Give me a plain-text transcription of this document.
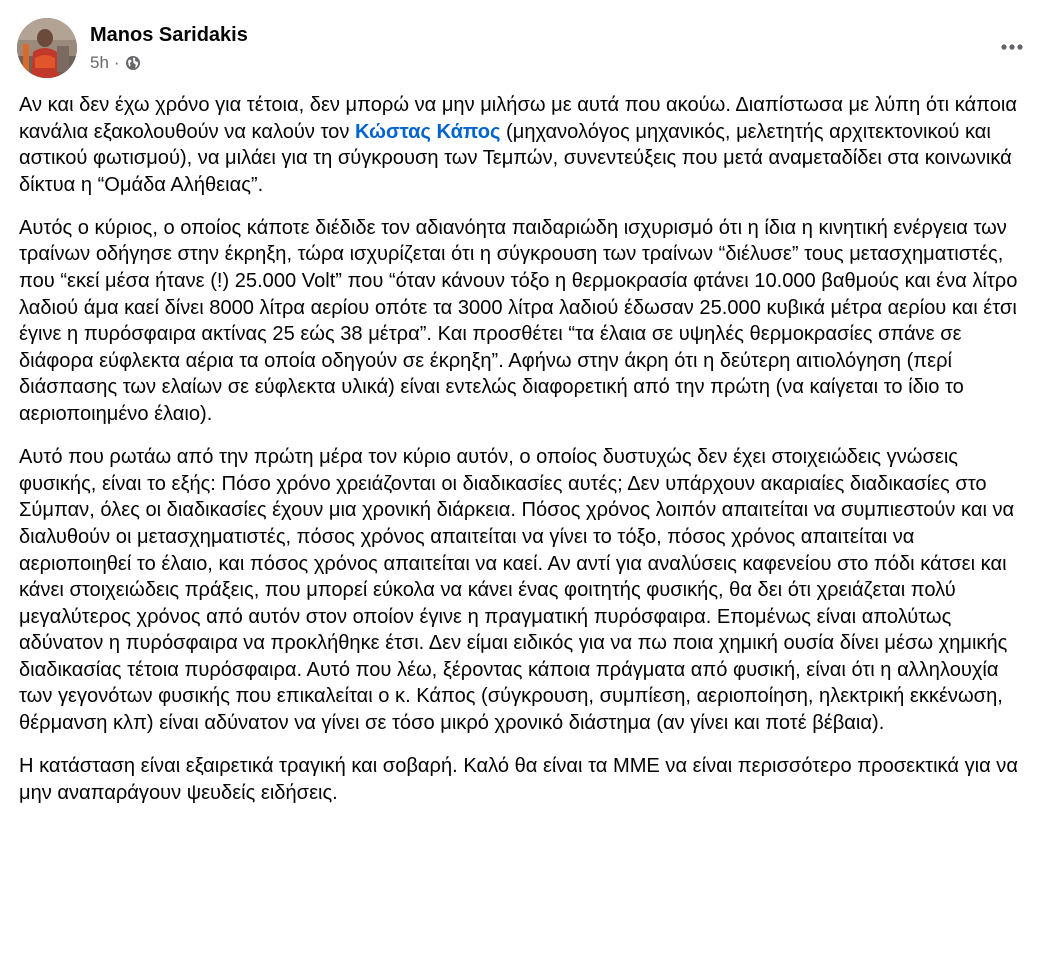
Manos Saridakis
5h ·

Αν και δεν έχω χρόνο για τέτοια, δεν μπορώ να μην μιλήσω με αυτά που ακούω. Διαπίστωσα με λύπη ότι κάποια κανάλια εξακολουθούν να καλούν τον Κώστας Κάπος (μηχανολόγος μηχανικός, μελετητής αρχιτεκτονικού και αστικού φωτισμού), να μιλάει για τη σύγκρουση των Τεμπών, συνεντεύξεις που μετά αναμεταδίδει στα κοινωνικά δίκτυα η “Ομάδα Αλήθειας”.

Αυτός ο κύριος, ο οποίος κάποτε διέδιδε τον αδιανόητα παιδαριώδη ισχυρισμό ότι η ίδια η κινητική ενέργεια των τραίνων οδήγησε στην έκρηξη, τώρα ισχυρίζεται ότι η σύγκρουση των τραίνων “διέλυσε” τους μετασχηματιστές, που “εκεί μέσα ήτανε (!) 25.000 Volt” που “όταν κάνουν τόξο η θερμοκρασία φτάνει 10.000 βαθμούς και ένα λίτρο λαδιού άμα καεί δίνει 8000 λίτρα αερίου οπότε τα 3000 λίτρα λαδιού έδωσαν 25.000 κυβικά μέτρα αερίου και έτσι έγινε η πυρόσφαιρα ακτίνας 25 εώς 38 μέτρα”. Και προσθέτει “τα έλαια σε υψηλές θερμοκρασίες σπάνε σε διάφορα εύφλεκτα αέρια τα οποία οδηγούν σε έκρηξη”. Αφήνω στην άκρη ότι η δεύτερη αιτιολόγηση (περί διάσπασης των ελαίων σε εύφλεκτα υλικά) είναι εντελώς διαφορετική από την πρώτη (να καίγεται το ίδιο το αεριοποιημένο έλαιο).

Αυτό που ρωτάω από την πρώτη μέρα τον κύριο αυτόν, ο οποίος δυστυχώς δεν έχει στοιχειώδεις γνώσεις φυσικής, είναι το εξής: Πόσο χρόνο χρειάζονται οι διαδικασίες αυτές; Δεν υπάρχουν ακαριαίες διαδικασίες στο Σύμπαν, όλες οι διαδικασίες έχουν μια χρονική διάρκεια. Πόσος χρόνος λοιπόν απαιτείται να συμπιεστούν και να διαλυθούν οι μετασχηματιστές, πόσος χρόνος απαιτείται να γίνει το τόξο, πόσος χρόνος απαιτείται να αεριοποιηθεί το έλαιο, και πόσος χρόνος απαιτείται να καεί. Αν αντί για αναλύσεις καφενείου στο πόδι κάτσει και κάνει στοιχειώδεις πράξεις, που μπορεί εύκολα να κάνει ένας φοιτητής φυσικής, θα δει ότι χρειάζεται πολύ μεγαλύτερος χρόνος από αυτόν στον οποίον έγινε η πραγματική πυρόσφαιρα. Επομένως είναι απολύτως αδύνατον η πυρόσφαιρα να προκλήθηκε έτσι. Δεν είμαι ειδικός για να πω ποια χημική ουσία δίνει μέσω χημικής διαδικασίας τέτοια πυρόσφαιρα. Αυτό που λέω, ξέροντας κάποια πράγματα από φυσική, είναι ότι η αλληλουχία των γεγονότων φυσικής που επικαλείται ο κ. Κάπος (σύγκρουση, συμπίεση, αεριοποίηση, ηλεκτρική εκκένωση, θέρμανση κλπ) είναι αδύνατον να γίνει σε τόσο μικρό χρονικό διάστημα (αν γίνει και ποτέ βέβαια).

Η κατάσταση είναι εξαιρετικά τραγική και σοβαρή. Καλό θα είναι τα ΜΜΕ να είναι περισσότερο προσεκτικά για να μην αναπαράγουν ψευδείς ειδήσεις.
